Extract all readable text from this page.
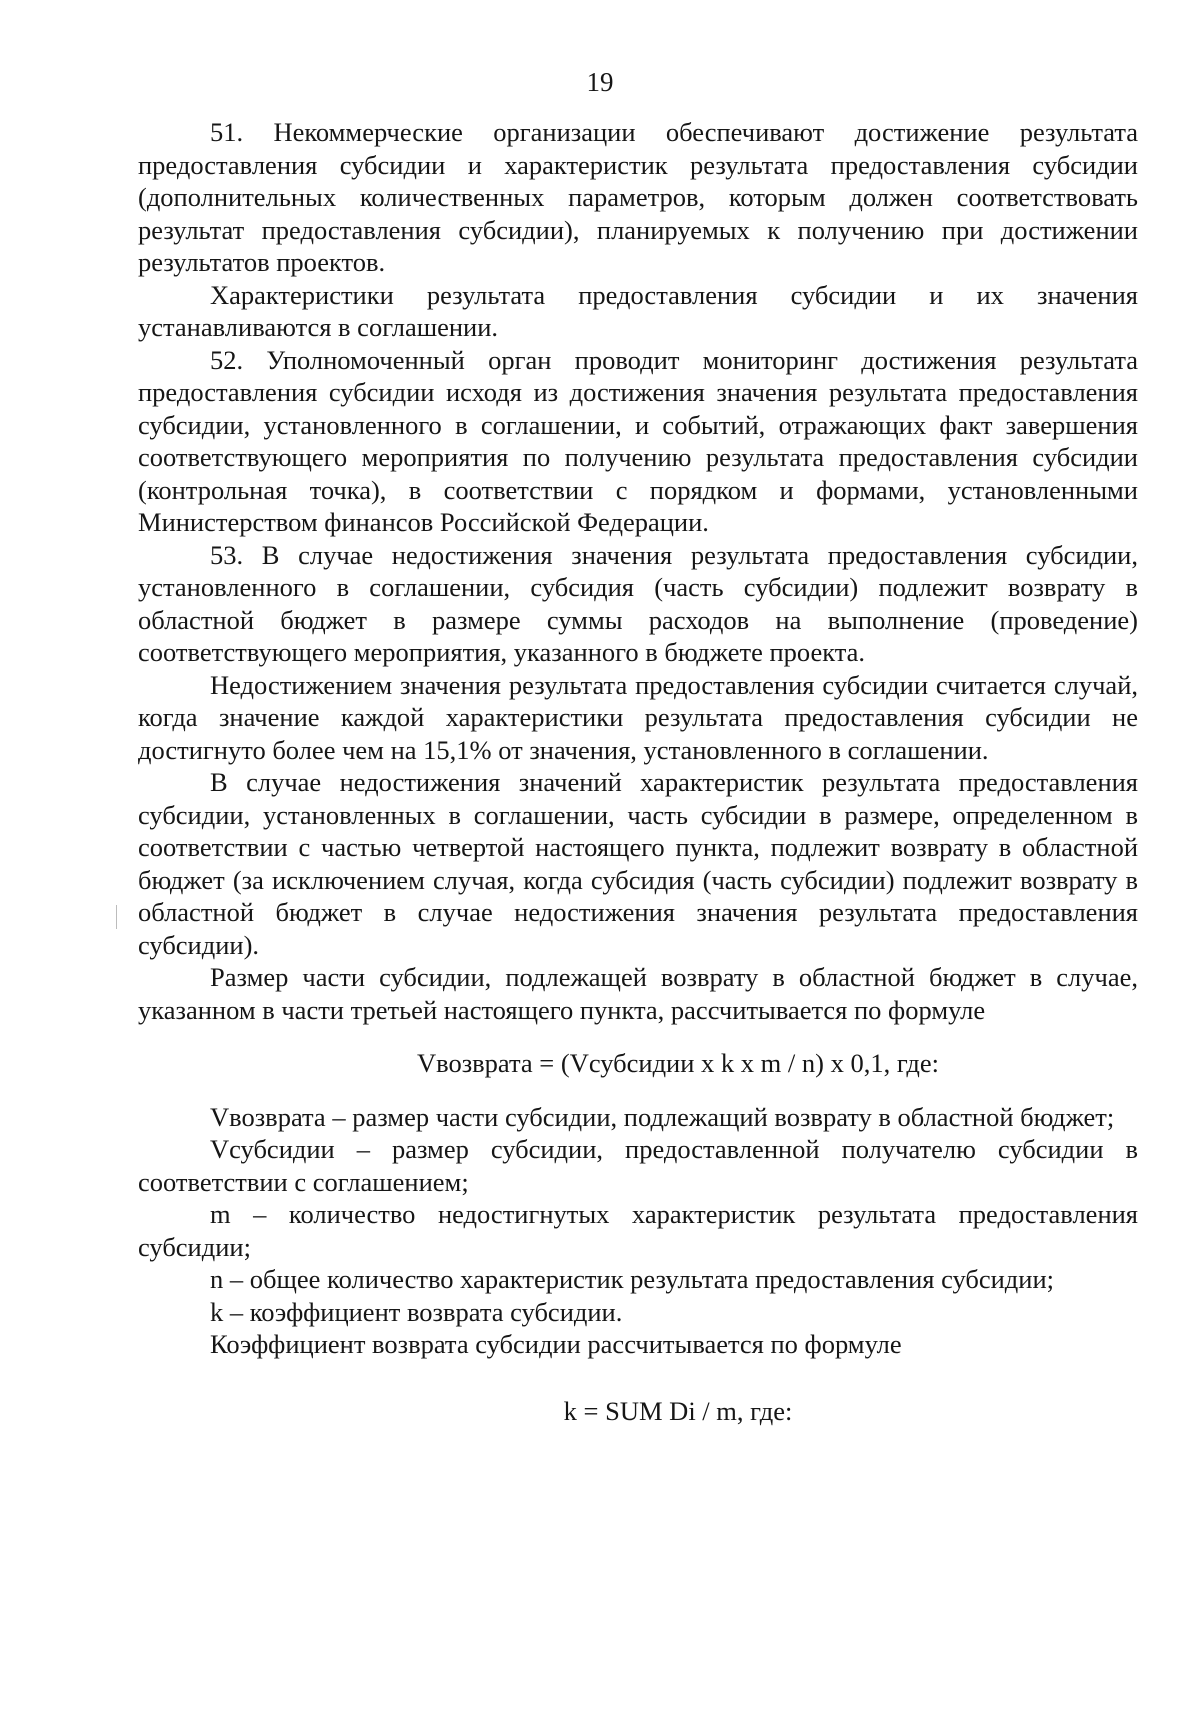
19

51. Некоммерческие организации обеспечивают достижение результата предоставления субсидии и характеристик результата предоставления субсидии (дополнительных количественных параметров, которым должен соответствовать результат предоставления субсидии), планируемых к получению при достижении результатов проектов.

Характеристики результата предоставления субсидии и их значения устанавливаются в соглашении.

52. Уполномоченный орган проводит мониторинг достижения результата предоставления субсидии исходя из достижения значения результата предоставления субсидии, установленного в соглашении, и событий, отражающих факт завершения соответствующего мероприятия по получению результата предоставления субсидии (контрольная точка), в соответствии с порядком и формами, установленными Министерством финансов Российской Федерации.

53. В случае недостижения значения результата предоставления субсидии, установленного в соглашении, субсидия (часть субсидии) подлежит возврату в областной бюджет в размере суммы расходов на выполнение (проведение) соответствующего мероприятия, указанного в бюджете проекта.

Недостижением значения результата предоставления субсидии считается случай, когда значение каждой характеристики результата предоставления субсидии не достигнуто более чем на 15,1% от значения, установленного в соглашении.

В случае недостижения значений характеристик результата предоставления субсидии, установленных в соглашении, часть субсидии в размере, определенном в соответствии с частью четвертой настоящего пункта, подлежит возврату в областной бюджет (за исключением случая, когда субсидия (часть субсидии) подлежит возврату в областной бюджет в случае недостижения значения результата предоставления субсидии).

Размер части субсидии, подлежащей возврату в областной бюджет в случае, указанном в части третьей настоящего пункта, рассчитывается по формуле

Vвозврата = (Vсубсидии x k x m / n) x 0,1, где:

Vвозврата – размер части субсидии, подлежащий возврату в областной бюджет;

Vсубсидии – размер субсидии, предоставленной получателю субсидии в соответствии с соглашением;

m – количество недостигнутых характеристик результата предоставления субсидии;

n – общее количество характеристик результата предоставления субсидии;

k – коэффициент возврата субсидии.

Коэффициент возврата субсидии рассчитывается по формуле

k = SUM Di / m, где:
